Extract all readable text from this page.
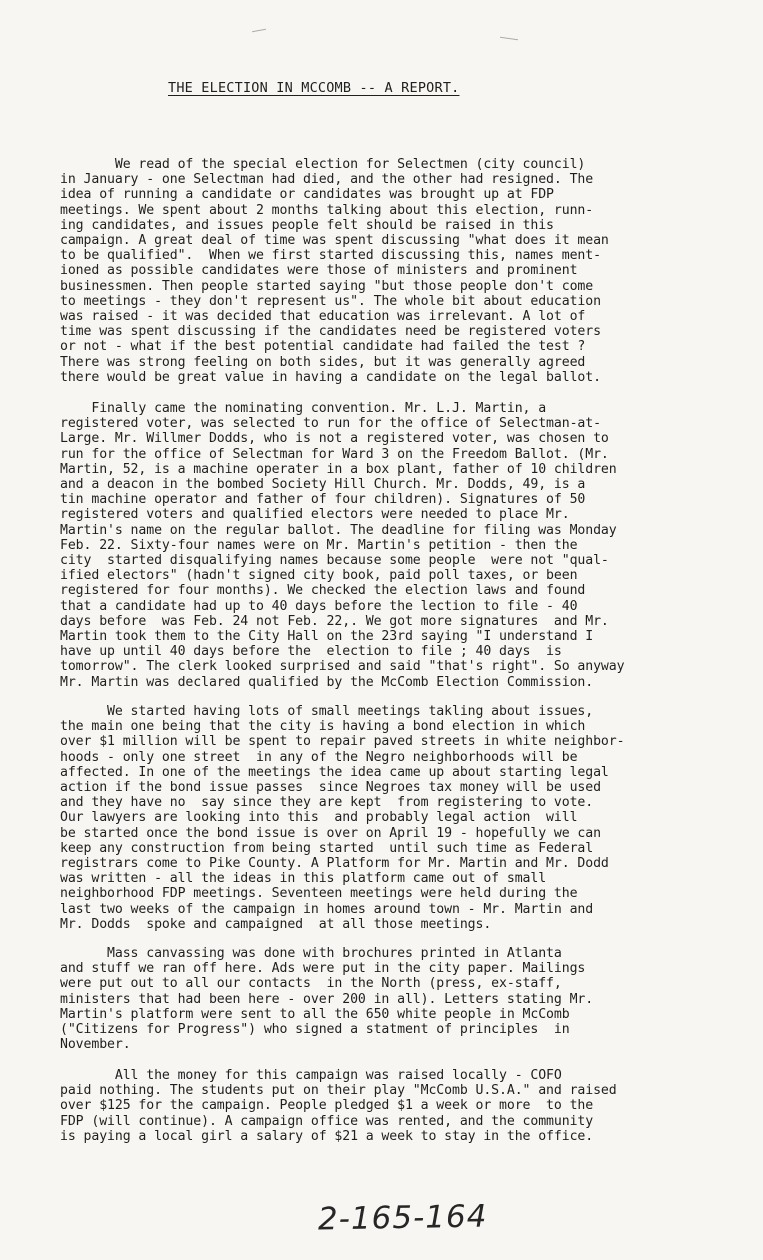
THE ELECTION IN MCCOMB -- A REPORT.
We read of the special election for Selectmen (city council)
in January - one Selectman had died, and the other had resigned. The
idea of running a candidate or candidates was brought up at FDP
meetings. We spent about 2 months talking about this election, runn-
ing candidates, and issues people felt should be raised in this
campaign. A great deal of time was spent discussing "what does it mean
to be qualified".  When we first started discussing this, names ment-
ioned as possible candidates were those of ministers and prominent
businessmen. Then people started saying "but those people don't come
to meetings - they don't represent us". The whole bit about education
was raised - it was decided that education was irrelevant. A lot of
time was spent discussing if the candidates need be registered voters
or not - what if the best potential candidate had failed the test ?
There was strong feeling on both sides, but it was generally agreed
there would be great value in having a candidate on the legal ballot.
Finally came the nominating convention. Mr. L.J. Martin, a
registered voter, was selected to run for the office of Selectman-at-
Large. Mr. Willmer Dodds, who is not a registered voter, was chosen to
run for the office of Selectman for Ward 3 on the Freedom Ballot. (Mr.
Martin, 52, is a machine operater in a box plant, father of 10 children
and a deacon in the bombed Society Hill Church. Mr. Dodds, 49, is a
tin machine operator and father of four children). Signatures of 50
registered voters and qualified electors were needed to place Mr.
Martin's name on the regular ballot. The deadline for filing was Monday
Feb. 22. Sixty-four names were on Mr. Martin's petition - then the
city  started disqualifying names because some people  were not "qual-
ified electors" (hadn't signed city book, paid poll taxes, or been
registered for four months). We checked the election laws and found
that a candidate had up to 40 days before the lection to file - 40
days before  was Feb. 24 not Feb. 22,. We got more signatures  and Mr.
Martin took them to the City Hall on the 23rd saying "I understand I
have up until 40 days before the  election to file ; 40 days  is
tomorrow". The clerk looked surprised and said "that's right". So anyway
Mr. Martin was declared qualified by the McComb Election Commission.
We started having lots of small meetings takling about issues,
the main one being that the city is having a bond election in which
over $1 million will be spent to repair paved streets in white neighbor-
hoods - only one street  in any of the Negro neighborhoods will be
affected. In one of the meetings the idea came up about starting legal
action if the bond issue passes  since Negroes tax money will be used
and they have no  say since they are kept  from registering to vote.
Our lawyers are looking into this  and probably legal action  will
be started once the bond issue is over on April 19 - hopefully we can
keep any construction from being started  until such time as Federal
registrars come to Pike County. A Platform for Mr. Martin and Mr. Dodd
was written - all the ideas in this platform came out of small
neighborhood FDP meetings. Seventeen meetings were held during the
last two weeks of the campaign in homes around town - Mr. Martin and
Mr. Dodds  spoke and campaigned  at all those meetings.
Mass canvassing was done with brochures printed in Atlanta
and stuff we ran off here. Ads were put in the city paper. Mailings
were put out to all our contacts  in the North (press, ex-staff,
ministers that had been here - over 200 in all). Letters stating Mr.
Martin's platform were sent to all the 650 white people in McComb
("Citizens for Progress") who signed a statment of principles  in
November.
All the money for this campaign was raised locally - COFO
paid nothing. The students put on their play "McComb U.S.A." and raised
over $125 for the campaign. People pledged $1 a week or more  to the
FDP (will continue). A campaign office was rented, and the community
is paying a local girl a salary of $21 a week to stay in the office.
2-165-164
